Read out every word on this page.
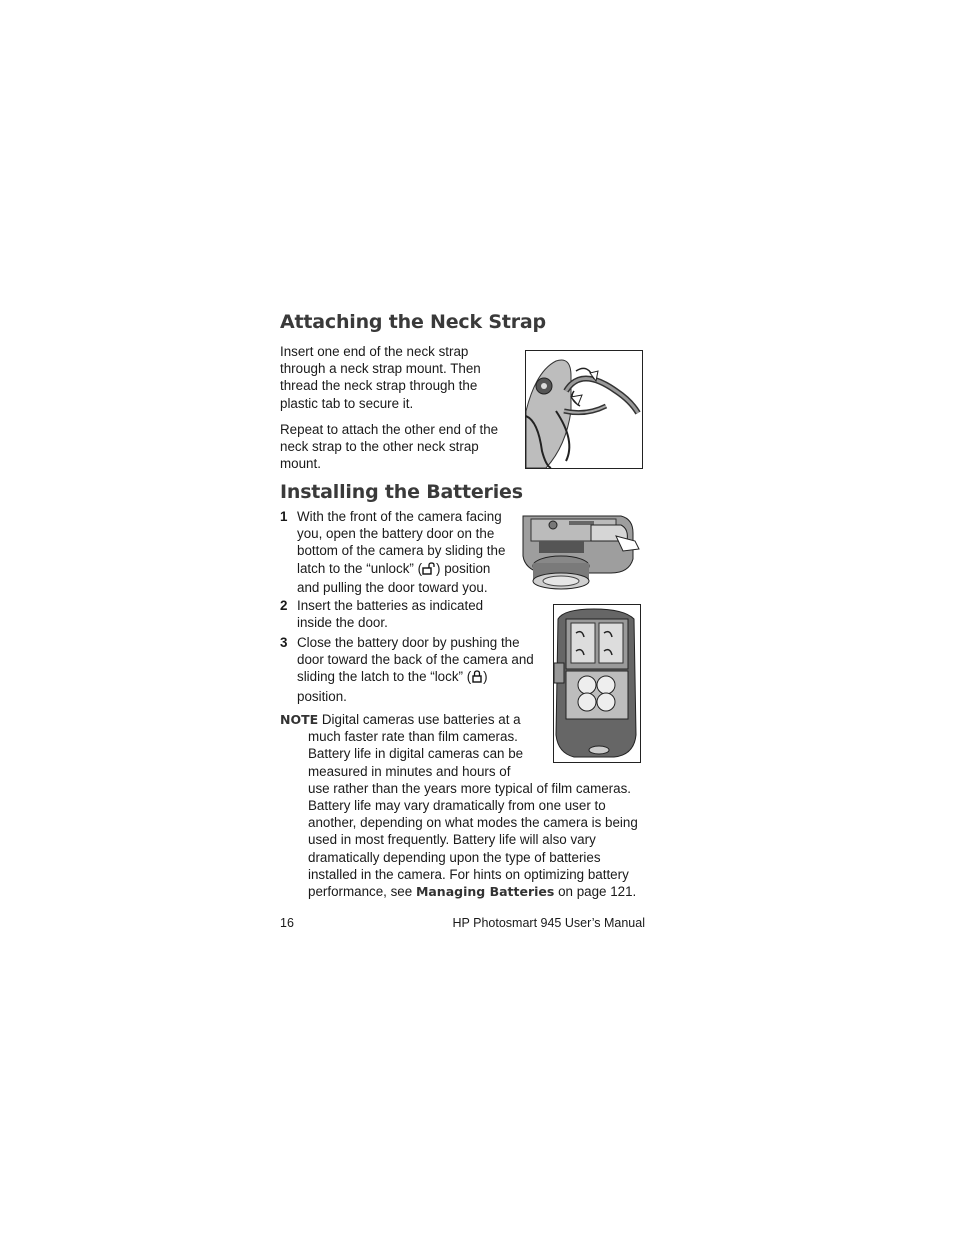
Attaching the Neck Strap

Insert one end of the neck strap through a neck strap mount. Then thread the neck strap through the plastic tab to secure it.

Repeat to attach the other end of the neck strap to the other neck strap mount.

Installing the Batteries
1 With the front of the camera facing you, open the battery door on the bottom of the camera by sliding the latch to the “unlock” ( ) position and pulling the door toward you.

2 Insert the batteries as indicated inside the door.

3 Close the battery door by pushing the door toward the back of the camera and sliding the latch to the “lock” ( ) position.

NOTE Digital cameras use batteries at a much faster rate than film cameras. Battery life in digital cameras can be measured in minutes and hours of use rather than the years more typical of film cameras. Battery life may vary dramatically from one user to another, depending on what modes the camera is being used in most frequently. Battery life will also vary dramatically depending upon the type of batteries installed in the camera. For hints on optimizing battery performance, see Managing Batteries on page 121.
16	HP Photosmart 945 User’s Manual
